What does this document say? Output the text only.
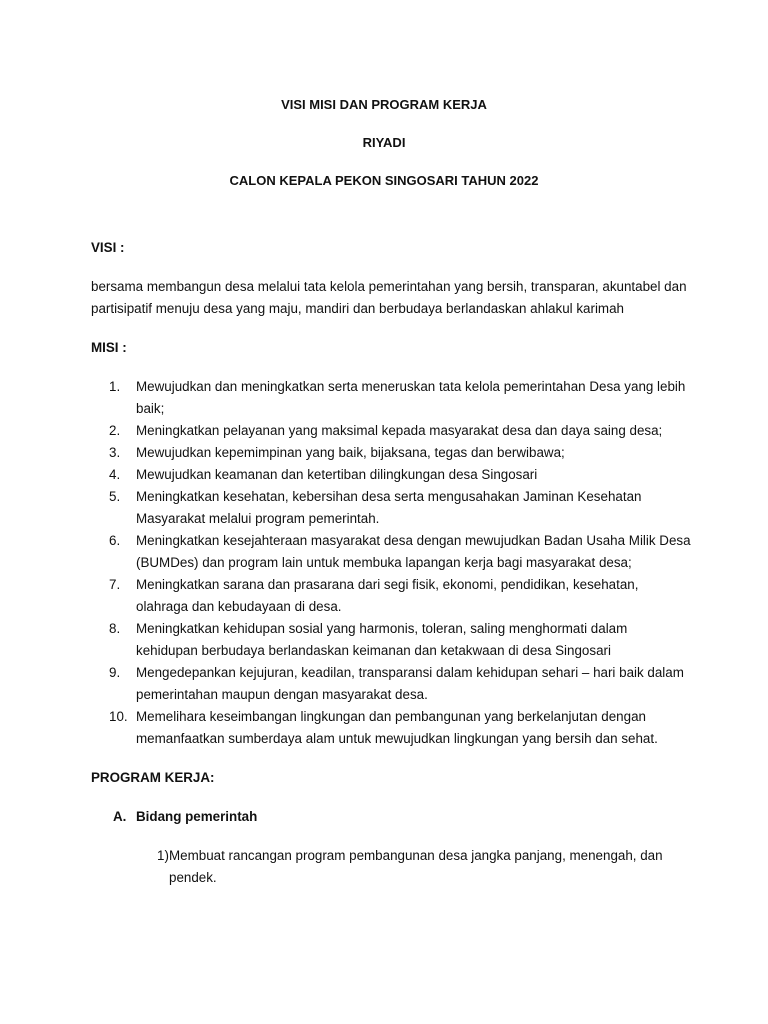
VISI MISI DAN PROGRAM KERJA
RIYADI
CALON KEPALA PEKON SINGOSARI TAHUN 2022
VISI :

bersama membangun desa melalui tata kelola pemerintahan yang bersih, transparan, akuntabel dan partisipatif menuju desa yang maju, mandiri dan berbudaya berlandaskan ahlakul karimah

MISI :
1.	Mewujudkan dan meningkatkan serta meneruskan tata kelola pemerintahan Desa yang lebih baik;
2.	Meningkatkan pelayanan yang maksimal kepada masyarakat desa dan daya saing desa;
3.	Mewujudkan kepemimpinan yang baik, bijaksana, tegas dan berwibawa;
4.	Mewujudkan keamanan dan ketertiban dilingkungan desa Singosari
5.	Meningkatkan kesehatan, kebersihan desa serta mengusahakan Jaminan Kesehatan Masyarakat melalui program pemerintah.
6.	Meningkatkan kesejahteraan masyarakat desa dengan mewujudkan Badan Usaha Milik Desa (BUMDes) dan program lain untuk membuka lapangan kerja bagi masyarakat desa;
7.	Meningkatkan sarana dan prasarana dari segi fisik, ekonomi, pendidikan, kesehatan, olahraga dan kebudayaan di desa.
8.	Meningkatkan kehidupan sosial yang harmonis, toleran, saling menghormati dalam kehidupan berbudaya berlandaskan keimanan dan ketakwaan di desa Singosari
9.	Mengedepankan kejujuran, keadilan, transparansi dalam kehidupan sehari – hari baik dalam pemerintahan maupun dengan masyarakat desa.
10. Memelihara keseimbangan lingkungan dan pembangunan yang berkelanjutan dengan memanfaatkan sumberdaya alam untuk mewujudkan lingkungan yang bersih dan sehat.
PROGRAM KERJA:
A. Bidang pemerintah
1) Membuat rancangan program pembangunan desa jangka panjang, menengah, dan pendek.
